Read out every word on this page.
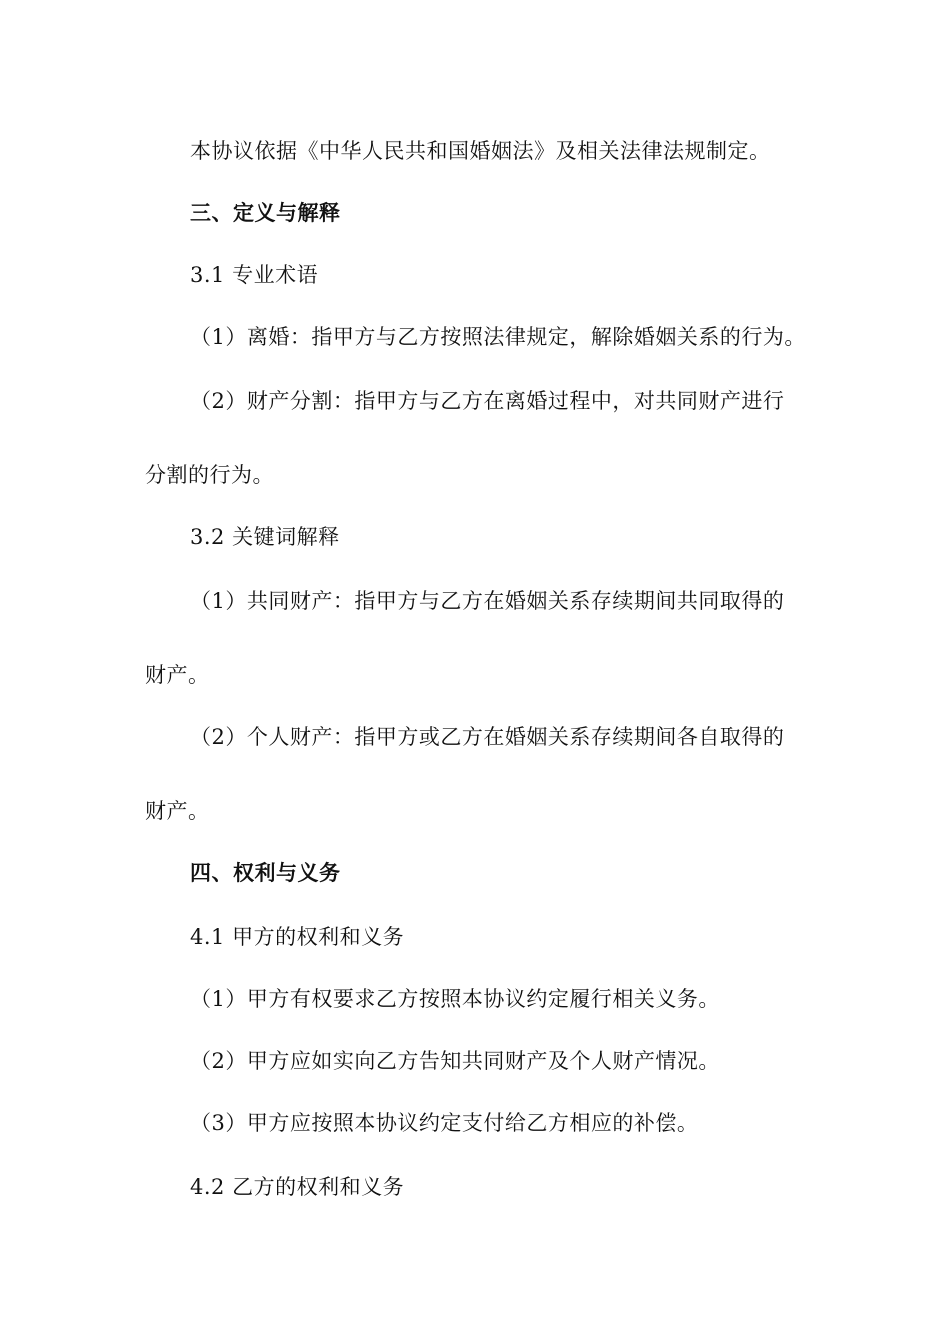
本协议依据《中华人民共和国婚姻法》及相关法律法规制定。
三、定义与解释
3.1 专业术语
（1）离婚：指甲方与乙方按照法律规定，解除婚姻关系的行为。
（2）财产分割：指甲方与乙方在离婚过程中，对共同财产进行
分割的行为。
3.2 关键词解释
（1）共同财产：指甲方与乙方在婚姻关系存续期间共同取得的
财产。
（2）个人财产：指甲方或乙方在婚姻关系存续期间各自取得的
财产。
四、权利与义务
4.1 甲方的权利和义务
（1）甲方有权要求乙方按照本协议约定履行相关义务。
（2）甲方应如实向乙方告知共同财产及个人财产情况。
（3）甲方应按照本协议约定支付给乙方相应的补偿。
4.2 乙方的权利和义务
